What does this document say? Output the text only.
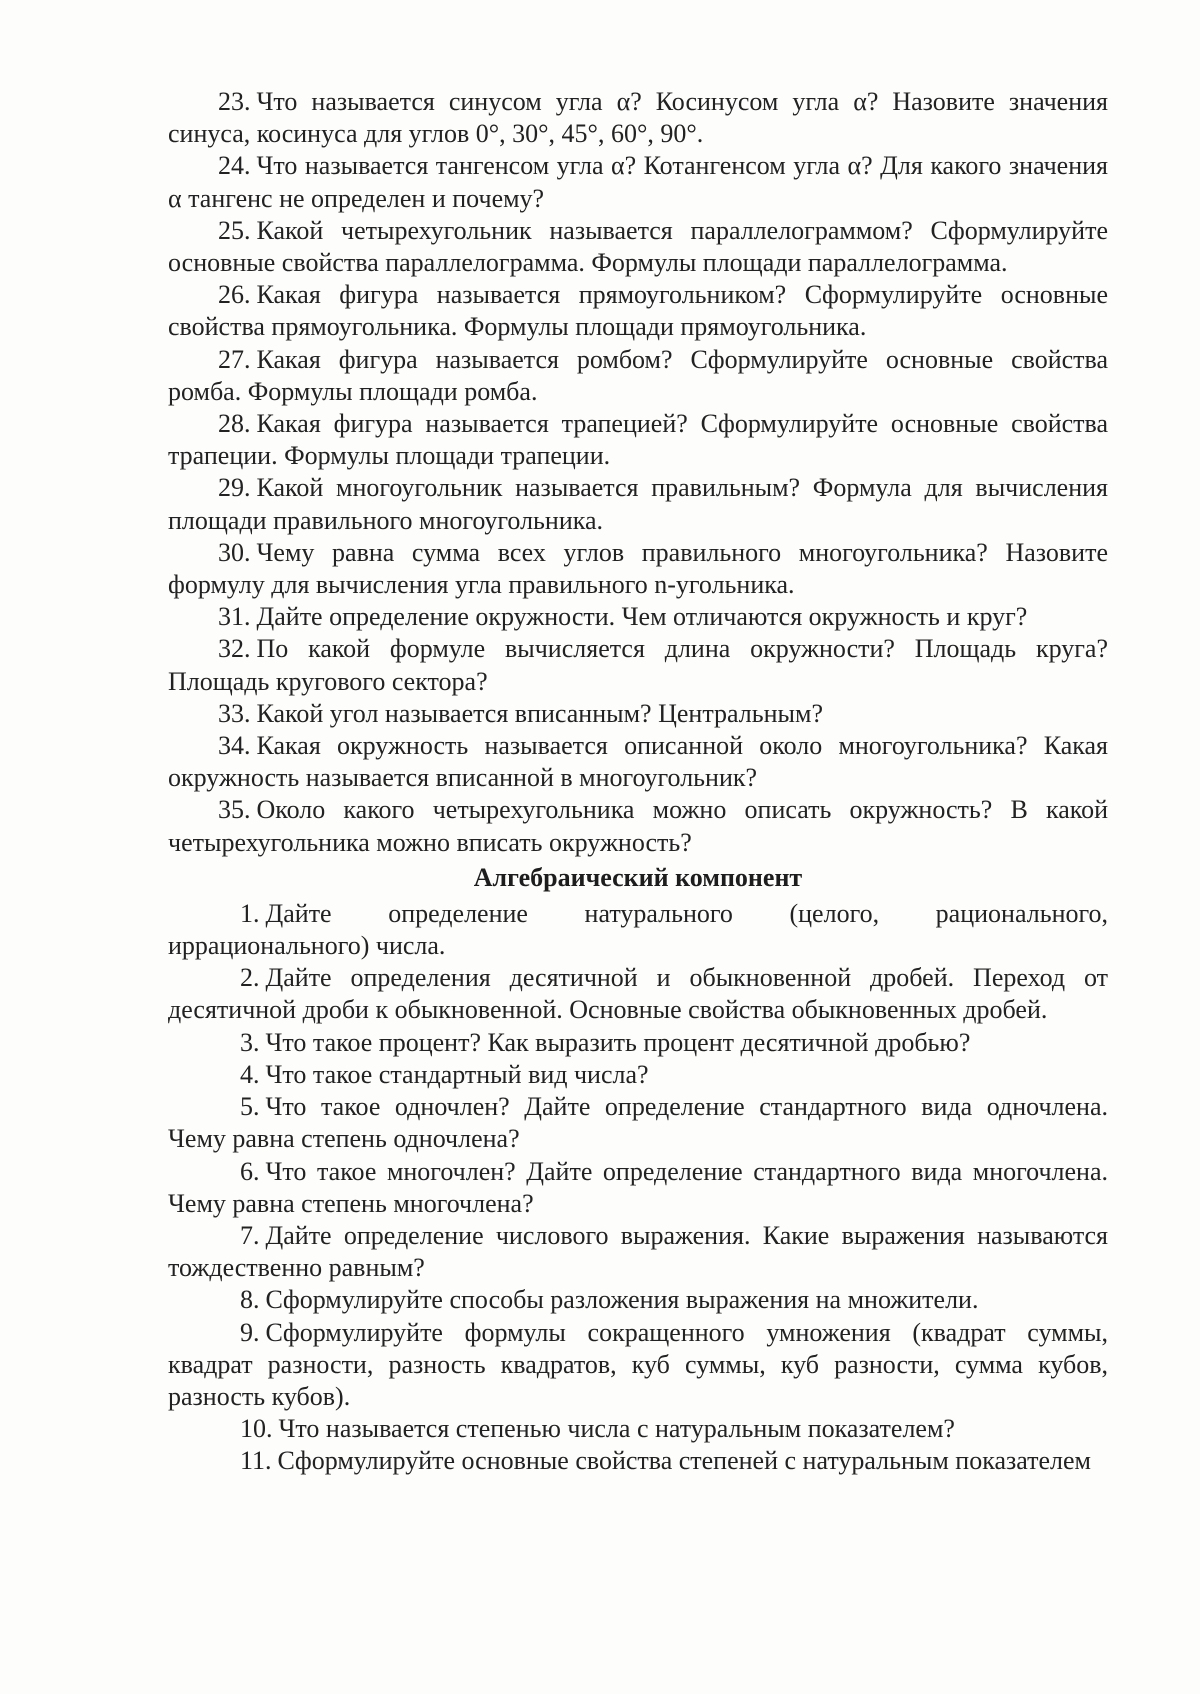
23. Что называется синусом угла α? Косинусом угла α? Назовите значения синуса, косинуса для углов 0°, 30°, 45°, 60°, 90°.

24. Что называется тангенсом угла α? Котангенсом угла α? Для какого значения α тангенс не определен и почему?

25. Какой четырехугольник называется параллелограммом? Сформулируйте основные свойства параллелограмма. Формулы площади параллелограмма.

26. Какая фигура называется прямоугольником? Сформулируйте основные свойства прямоугольника. Формулы площади прямоугольника.

27. Какая фигура называется ромбом? Сформулируйте основные свойства ромба. Формулы площади ромба.

28. Какая фигура называется трапецией? Сформулируйте основные свойства трапеции. Формулы площади трапеции.

29. Какой многоугольник называется правильным? Формула для вычисления площади правильного многоугольника.

30. Чему равна сумма всех углов правильного многоугольника? Назовите формулу для вычисления угла правильного n-угольника.

31. Дайте определение окружности. Чем отличаются окружность и круг?

32. По какой формуле вычисляется длина окружности? Площадь круга? Площадь кругового сектора?

33. Какой угол называется вписанным? Центральным?

34. Какая окружность называется описанной около многоугольника? Какая окружность называется вписанной в многоугольник?

35. Около какого четырехугольника можно описать окружность? В какой четырехугольника можно вписать окружность?

Алгебраический компонент

1. Дайте определение натурального (целого, рационального, иррационального) числа.

2. Дайте определения десятичной и обыкновенной дробей. Переход от десятичной дроби к обыкновенной. Основные свойства обыкновенных дробей.

3. Что такое процент? Как выразить процент десятичной дробью?

4. Что такое стандартный вид числа?

5. Что такое одночлен? Дайте определение стандартного вида одночлена. Чему равна степень одночлена?

6. Что такое многочлен? Дайте определение стандартного вида многочлена. Чему равна степень многочлена?

7. Дайте определение числового выражения. Какие выражения называются тождественно равным?

8. Сформулируйте способы разложения выражения на множители.

9. Сформулируйте формулы сокращенного умножения (квадрат суммы, квадрат разности, разность квадратов, куб суммы, куб разности, сумма кубов, разность кубов).

10. Что называется степенью числа с натуральным показателем?

11. Сформулируйте основные свойства степеней с натуральным показателем
